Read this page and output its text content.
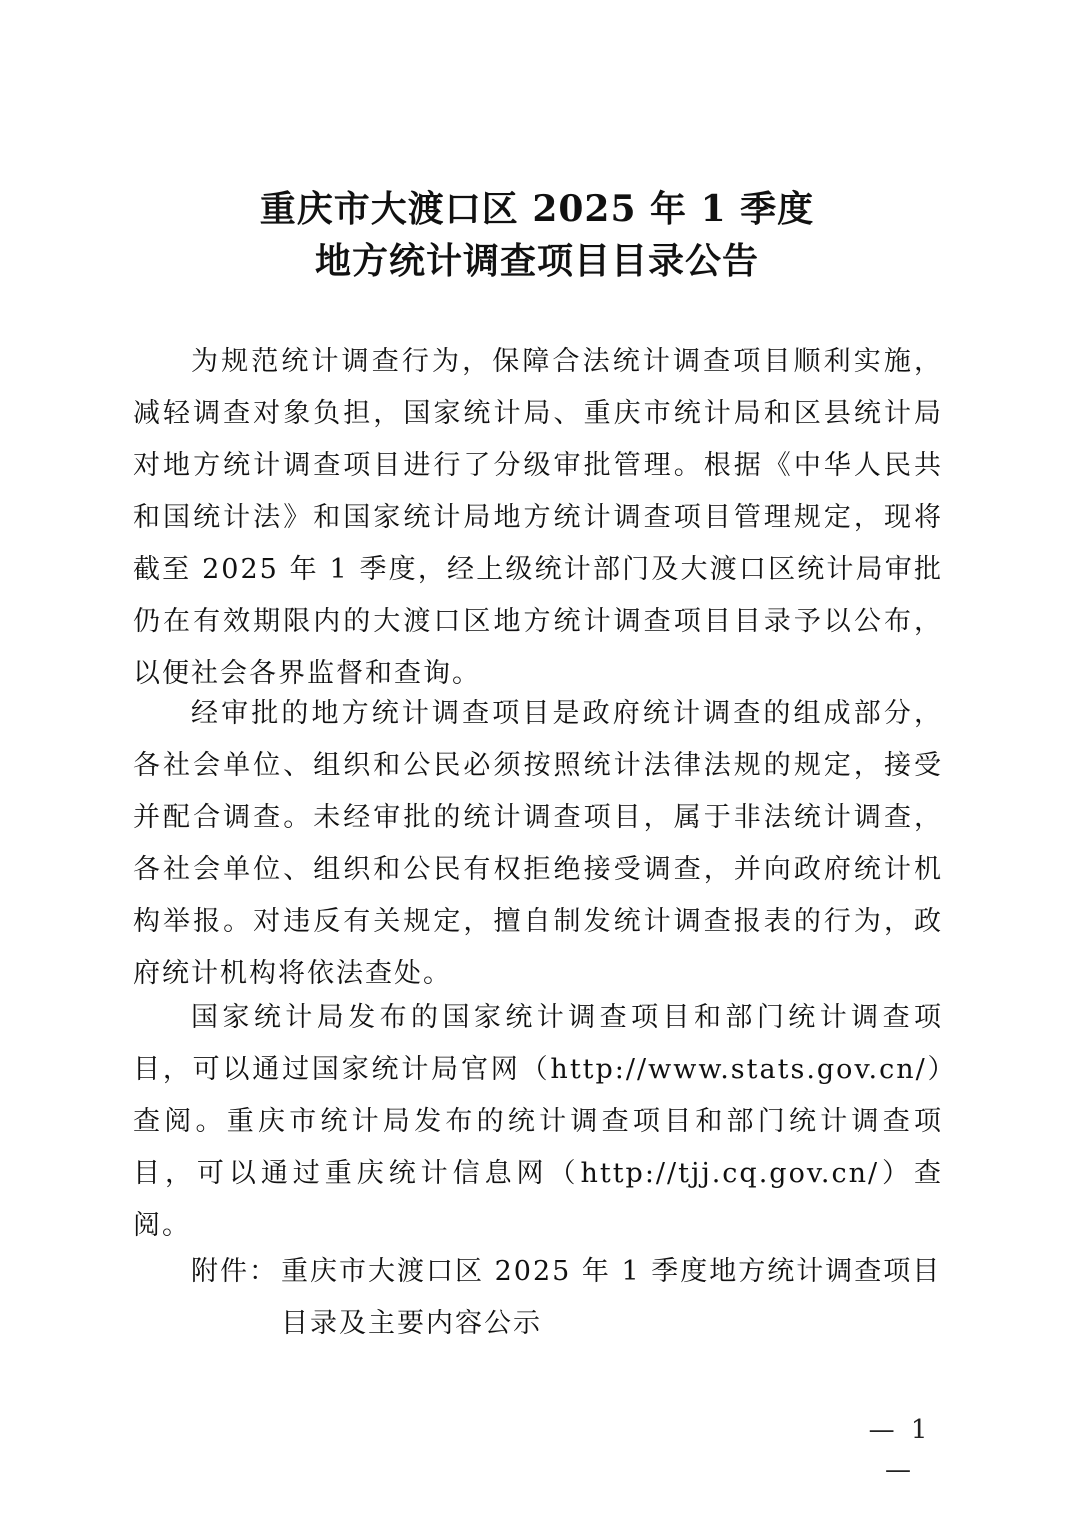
重庆市大渡口区 2025 年 1 季度
地方统计调查项目目录公告

为规范统计调查行为，保障合法统计调查项目顺利实施，减轻调查对象负担，国家统计局、重庆市统计局和区县统计局对地方统计调查项目进行了分级审批管理。根据《中华人民共和国统计法》和国家统计局地方统计调查项目管理规定，现将截至 2025 年 1 季度，经上级统计部门及大渡口区统计局审批仍在有效期限内的大渡口区地方统计调查项目目录予以公布，以便社会各界监督和查询。

经审批的地方统计调查项目是政府统计调查的组成部分，各社会单位、组织和公民必须按照统计法律法规的规定，接受并配合调查。未经审批的统计调查项目，属于非法统计调查，各社会单位、组织和公民有权拒绝接受调查，并向政府统计机构举报。对违反有关规定，擅自制发统计调查报表的行为，政府统计机构将依法查处。

国家统计局发布的国家统计调查项目和部门统计调查项目，可以通过国家统计局官网（http://www.stats.gov.cn/）查阅。重庆市统计局发布的统计调查项目和部门统计调查项目，可以通过重庆统计信息网（http://tjj.cq.gov.cn/）查阅。

附件： 重庆市大渡口区 2025 年 1 季度地方统计调查项目目录及主要内容公示
— 1 —
